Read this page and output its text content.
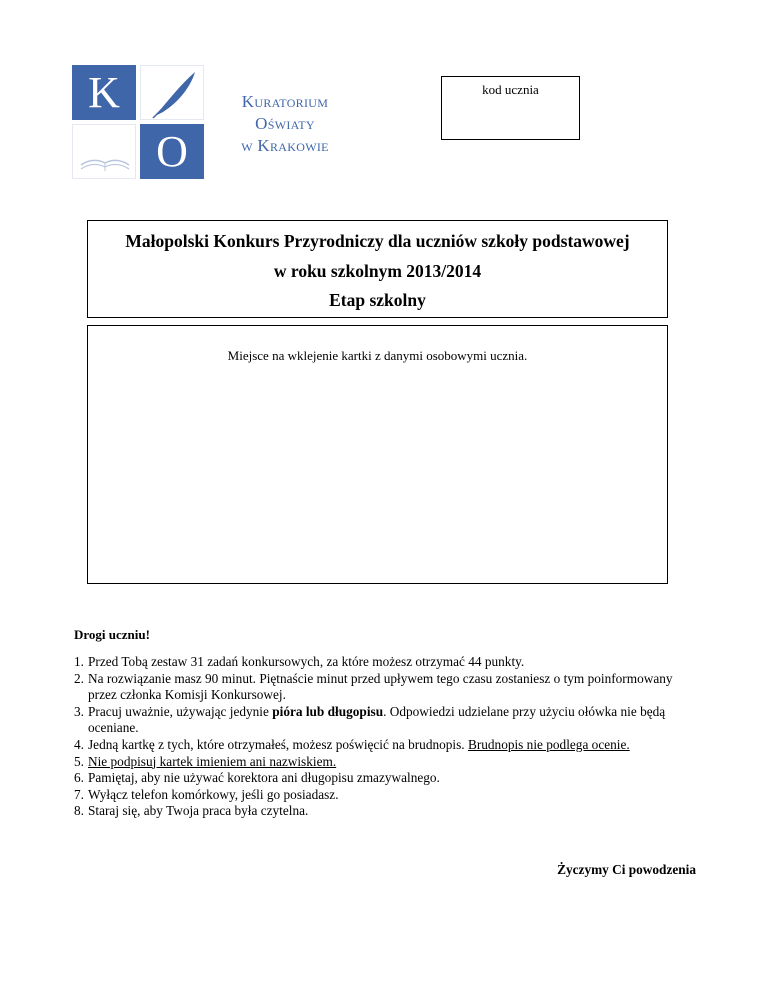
K
O
Kuratorium
Oświaty
w Krakowie
kod ucznia
Małopolski Konkurs Przyrodniczy dla uczniów szkoły podstawowej
w roku szkolnym 2013/2014
Etap szkolny
Miejsce na wklejenie kartki z danymi osobowymi ucznia.
Drogi uczniu!
1. Przed Tobą zestaw 31 zadań konkursowych, za które możesz otrzymać 44 punkty.
2. Na rozwiązanie masz 90 minut. Piętnaście minut przed upływem tego czasu zostaniesz o tym poinformowany przez członka Komisji Konkursowej.
3. Pracuj uważnie, używając jedynie pióra lub długopisu. Odpowiedzi udzielane przy użyciu ołówka nie będą oceniane.
4. Jedną kartkę z tych, które otrzymałeś, możesz poświęcić na brudnopis. Brudnopis nie podlega ocenie.
5. Nie podpisuj kartek imieniem ani nazwiskiem.
6. Pamiętaj, aby nie używać korektora ani długopisu zmazywalnego.
7. Wyłącz telefon komórkowy, jeśli go posiadasz.
8. Staraj się, aby Twoja praca była czytelna.
Życzymy Ci powodzenia
